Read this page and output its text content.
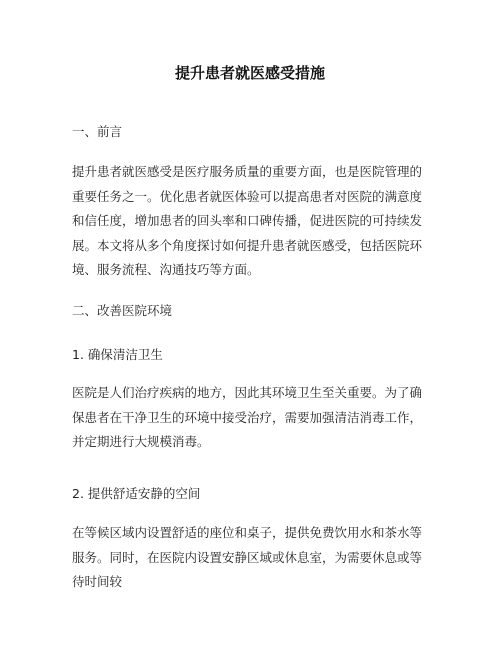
提升患者就医感受措施
一、前言
提升患者就医感受是医疗服务质量的重要方面，也是医院管理的重要任务之一。优化患者就医体验可以提高患者对医院的满意度和信任度，增加患者的回头率和口碑传播，促进医院的可持续发展。本文将从多个角度探讨如何提升患者就医感受，包括医院环境、服务流程、沟通技巧等方面。
二、改善医院环境
1. 确保清洁卫生
医院是人们治疗疾病的地方，因此其环境卫生至关重要。为了确保患者在干净卫生的环境中接受治疗，需要加强清洁消毒工作，并定期进行大规模消毒。
2. 提供舒适安静的空间
在等候区域内设置舒适的座位和桌子，提供免费饮用水和茶水等服务。同时，在医院内设置安静区域或休息室，为需要休息或等待时间较
